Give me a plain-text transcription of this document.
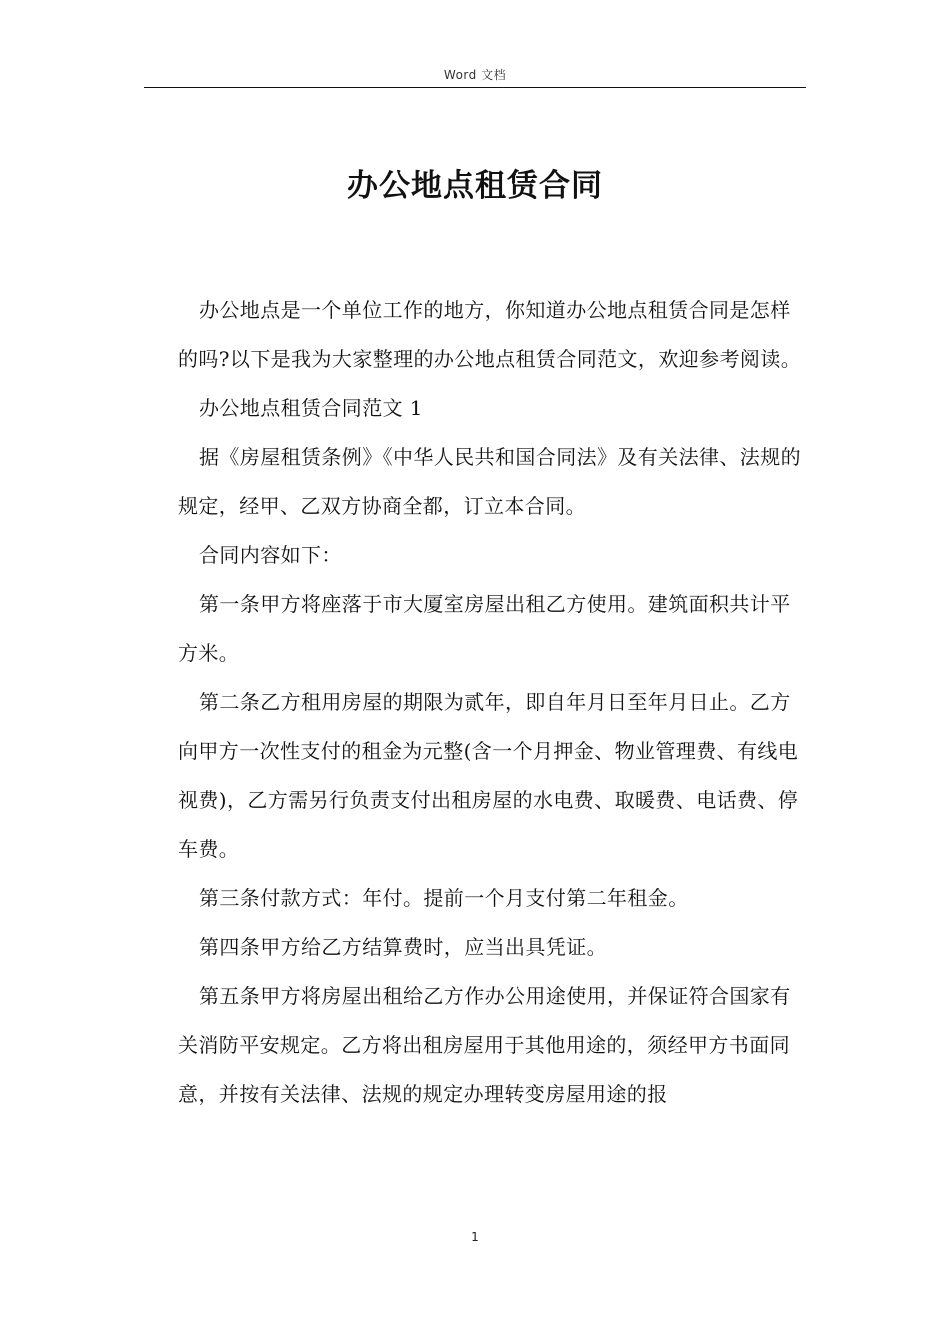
Word 文档
办公地点租赁合同

办公地点是一个单位工作的地方，你知道办公地点租赁合同是怎样的吗?以下是我为大家整理的办公地点租赁合同范文，欢迎参考阅读。

办公地点租赁合同范文 1

据《房屋租赁条例》《中华人民共和国合同法》及有关法律、法规的规定，经甲、乙双方协商全都，订立本合同。

合同内容如下：

第一条甲方将座落于市大厦室房屋出租乙方使用。建筑面积共计平方米。

第二条乙方租用房屋的期限为贰年，即自年月日至年月日止。乙方向甲方一次性支付的租金为元整(含一个月押金、物业管理费、有线电视费)，乙方需另行负责支付出租房屋的水电费、取暖费、电话费、停车费。

第三条付款方式：年付。提前一个月支付第二年租金。

第四条甲方给乙方结算费时，应当出具凭证。

第五条甲方将房屋出租给乙方作办公用途使用，并保证符合国家有关消防平安规定。乙方将出租房屋用于其他用途的，须经甲方书面同意，并按有关法律、法规的规定办理转变房屋用途的报

1
